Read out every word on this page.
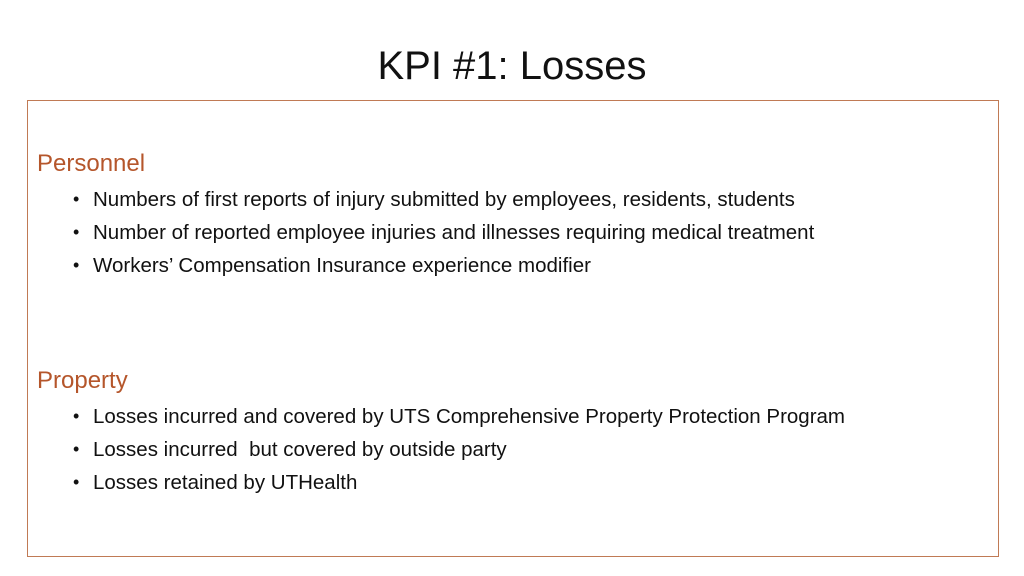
KPI #1: Losses
Personnel
• Numbers of first reports of injury submitted by employees, residents, students
• Number of reported employee injuries and illnesses requiring medical treatment
• Workers’ Compensation Insurance experience modifier
Property
• Losses incurred and covered by UTS Comprehensive Property Protection Program
• Losses incurred  but covered by outside party
• Losses retained by UTHealth
